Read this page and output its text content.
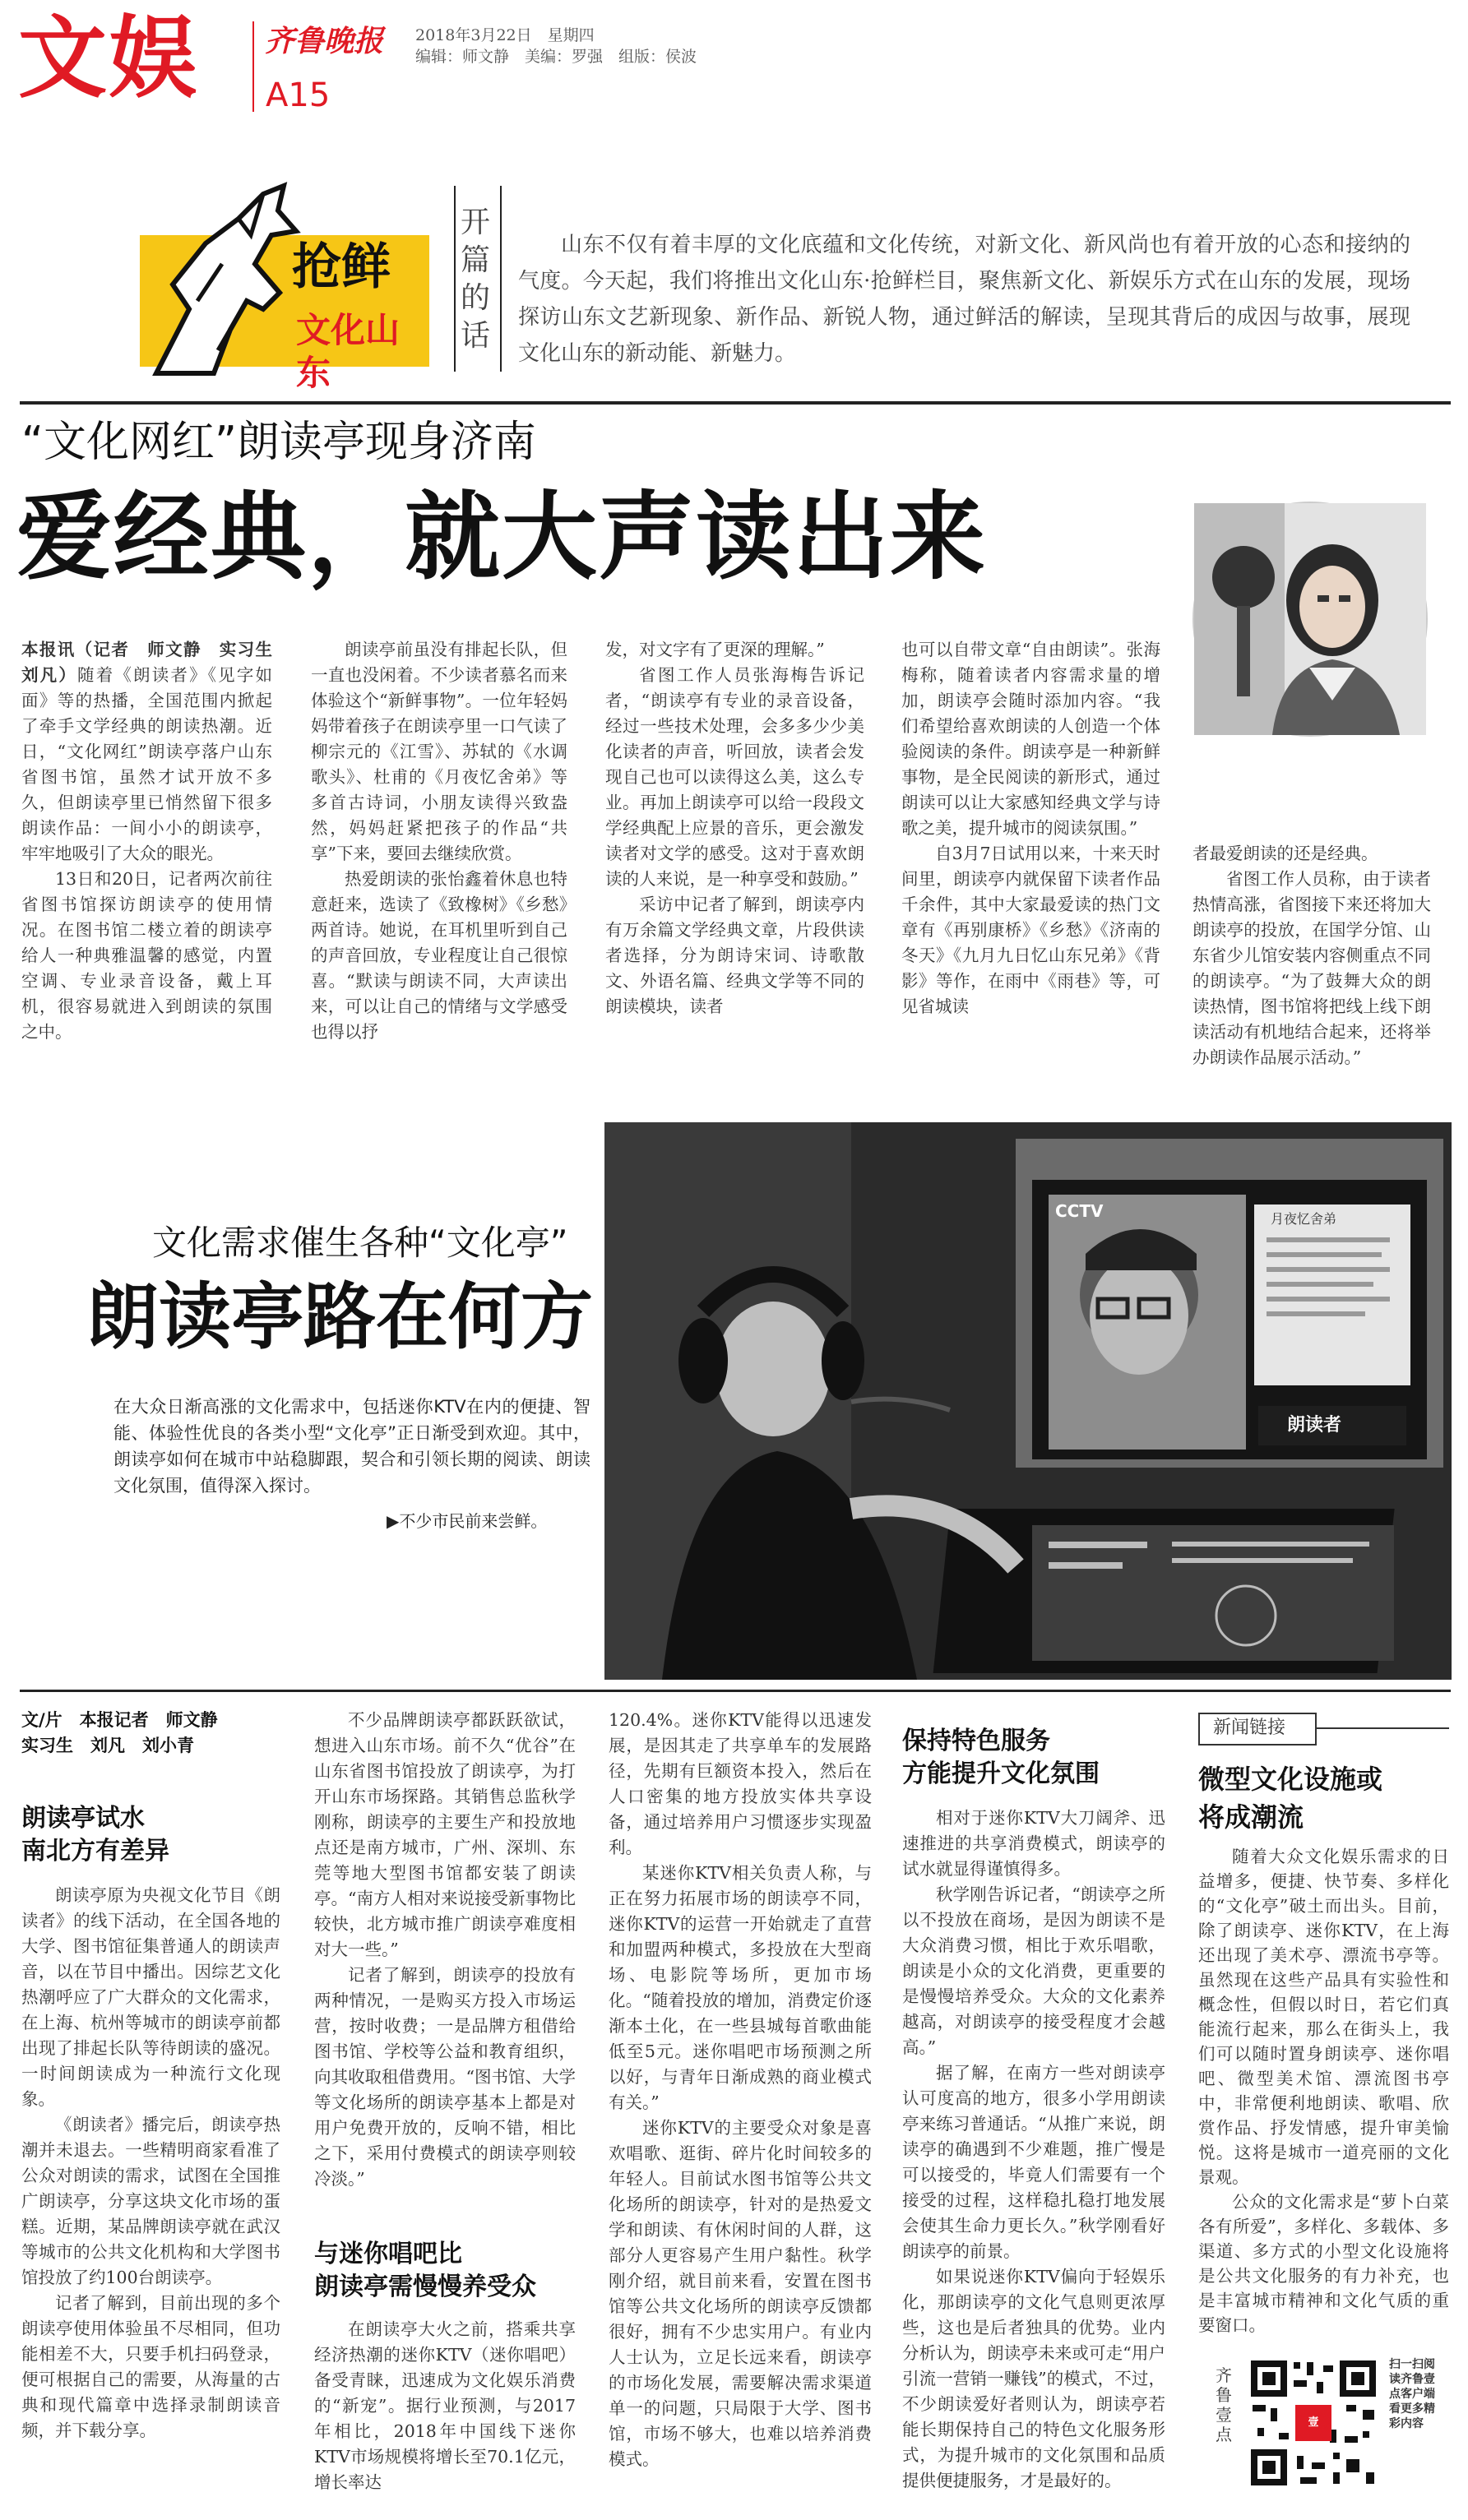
文娱 齐鲁晚报
A15
2018年3月22日　星期四
编辑：师文静　美编：罗强　组版：侯波
抢鲜
文化山东
开
篇
的
话
山东不仅有着丰厚的文化底蕴和文化传统，对新文化、新风尚也有着开放的心态和接纳的气度。今天起，我们将推出文化山东·抢鲜栏目，聚焦新文化、新娱乐方式在山东的发展，现场探访山东文艺新现象、新作品、新锐人物，通过鲜活的解读，呈现其背后的成因与故事，展现文化山东的新动能、新魅力。
“文化网红”朗读亭现身济南
爱经典，就大声读出来

本报讯（记者　师文静　实习生　刘凡）随着《朗读者》《见字如面》等的热播，全国范围内掀起了牵手文学经典的朗读热潮。近日，“文化网红”朗读亭落户山东省图书馆，虽然才试开放不多久，但朗读亭里已悄然留下很多朗读作品：一间小小的朗读亭，牢牢地吸引了大众的眼光。

13日和20日，记者两次前往省图书馆探访朗读亭的使用情况。在图书馆二楼立着的朗读亭给人一种典雅温馨的感觉，内置空调、专业录音设备，戴上耳机，很容易就进入到朗读的氛围之中。

朗读亭前虽没有排起长队，但一直也没闲着。不少读者慕名而来体验这个“新鲜事物”。一位年轻妈妈带着孩子在朗读亭里一口气读了柳宗元的《江雪》、苏轼的《水调歌头》、杜甫的《月夜忆舍弟》等多首古诗词，小朋友读得兴致盎然，妈妈赶紧把孩子的作品“共享”下来，要回去继续欣赏。

热爱朗读的张怡鑫着休息也特意赶来，选读了《致橡树》《乡愁》两首诗。她说，在耳机里听到自己的声音回放，专业程度让自己很惊喜。“默读与朗读不同，大声读出来，可以让自己的情绪与文学感受也得以抒

发，对文字有了更深的理解。”

省图工作人员张海梅告诉记者，“朗读亭有专业的录音设备，经过一些技术处理，会多多少少美化读者的声音，听回放，读者会发现自己也可以读得这么美，这么专业。再加上朗读亭可以给一段段文学经典配上应景的音乐，更会激发读者对文学的感受。这对于喜欢朗读的人来说，是一种享受和鼓励。”

采访中记者了解到，朗读亭内有万余篇文学经典文章，片段供读者选择，分为朗诗宋词、诗歌散文、外语名篇、经典文学等不同的朗读模块，读者

也可以自带文章“自由朗读”。张海梅称，随着读者内容需求量的增加，朗读亭会随时添加内容。“我们希望给喜欢朗读的人创造一个体验阅读的条件。朗读亭是一种新鲜事物，是全民阅读的新形式，通过朗读可以让大家感知经典文学与诗歌之美，提升城市的阅读氛围。”

自3月7日试用以来，十来天时间里，朗读亭内就保留下读者作品千余件，其中大家最爱读的热门文章有《再别康桥》《乡愁》《济南的冬天》《九月九日忆山东兄弟》《背影》等作，在雨中《雨巷》等，可见省城读

者最爱朗读的还是经典。

省图工作人员称，由于读者热情高涨，省图接下来还将加大朗读亭的投放，在国学分馆、山东省少儿馆安装内容侧重点不同的朗读亭。“为了鼓舞大众的朗读热情，图书馆将把线上线下朗读活动有机地结合起来，还将举办朗读作品展示活动。”

文化需求催生各种“文化亭”
朗读亭路在何方
在大众日渐高涨的文化需求中，包括迷你KTV在内的便捷、智能、体验性优良的各类小型“文化亭”正日渐受到欢迎。其中，朗读亭如何在城市中站稳脚跟，契合和引领长期的阅读、朗读文化氛围，值得深入探讨。
▶不少市民前来尝鲜。
CCTV	月夜忆舍弟
朗读者
文/片　本报记者　师文静
实习生　刘凡　刘小青
朗读亭试水
南北方有差异

朗读亭原为央视文化节目《朗读者》的线下活动，在全国各地的大学、图书馆征集普通人的朗读声音，以在节目中播出。因综艺文化热潮呼应了广大群众的文化需求，在上海、杭州等城市的朗读亭前都出现了排起长队等待朗读的盛况。一时间朗读成为一种流行文化现象。

《朗读者》播完后，朗读亭热潮并未退去。一些精明商家看准了公众对朗读的需求，试图在全国推广朗读亭，分享这块文化市场的蛋糕。近期，某品牌朗读亭就在武汉等城市的公共文化机构和大学图书馆投放了约100台朗读亭。

记者了解到，目前出现的多个朗读亭使用体验虽不尽相同，但功能相差不大，只要手机扫码登录，便可根据自己的需要，从海量的古典和现代篇章中选择录制朗读音频，并下载分享。

不少品牌朗读亭都跃跃欲试，想进入山东市场。前不久“优谷”在山东省图书馆投放了朗读亭，为打开山东市场探路。其销售总监秋学刚称，朗读亭的主要生产和投放地点还是南方城市，广州、深圳、东莞等地大型图书馆都安装了朗读亭。“南方人相对来说接受新事物比较快，北方城市推广朗读亭难度相对大一些。”

记者了解到，朗读亭的投放有两种情况，一是购买方投入市场运营，按时收费；一是品牌方租借给图书馆、学校等公益和教育组织，向其收取租借费用。“图书馆、大学等文化场所的朗读亭基本上都是对用户免费开放的，反响不错，相比之下，采用付费模式的朗读亭则较冷淡。”

与迷你唱吧比
朗读亭需慢慢养受众

在朗读亭大火之前，搭乘共享经济热潮的迷你KTV（迷你唱吧）备受青睐，迅速成为文化娱乐消费的“新宠”。据行业预测，与2017年相比，2018年中国线下迷你KTV市场规模将增长至70.1亿元，增长率达

120.4%。迷你KTV能得以迅速发展，是因其走了共享单车的发展路径，先期有巨额资本投入，然后在人口密集的地方投放实体共享设备，通过培养用户习惯逐步实现盈利。

某迷你KTV相关负责人称，与正在努力拓展市场的朗读亭不同，迷你KTV的运营一开始就走了直营和加盟两种模式，多投放在大型商场、电影院等场所，更加市场化。“随着投放的增加，消费定价逐渐本土化，在一些县城每首歌曲能低至5元。迷你唱吧市场预测之所以好，与青年日渐成熟的商业模式有关。”

迷你KTV的主要受众对象是喜欢唱歌、逛街、碎片化时间较多的年轻人。目前试水图书馆等公共文化场所的朗读亭，针对的是热爱文学和朗读、有休闲时间的人群，这部分人更容易产生用户黏性。秋学刚介绍，就目前来看，安置在图书馆等公共文化场所的朗读亭反馈都很好，拥有不少忠实用户。有业内人士认为，立足长远来看，朗读亭的市场化发展，需要解决需求渠道单一的问题，只局限于大学、图书馆，市场不够大，也难以培养消费模式。

保持特色服务
方能提升文化氛围

相对于迷你KTV大刀阔斧、迅速推进的共享消费模式，朗读亭的试水就显得谨慎得多。

秋学刚告诉记者，“朗读亭之所以不投放在商场，是因为朗读不是大众消费习惯，相比于欢乐唱歌，朗读是小众的文化消费，更重要的是慢慢培养受众。大众的文化素养越高，对朗读亭的接受程度才会越高。”

据了解，在南方一些对朗读亭认可度高的地方，很多小学用朗读亭来练习普通话。“从推广来说，朗读亭的确遇到不少难题，推广慢是可以接受的，毕竟人们需要有一个接受的过程，这样稳扎稳打地发展会使其生命力更长久。”秋学刚看好朗读亭的前景。

如果说迷你KTV偏向于轻娱乐化，那朗读亭的文化气息则更浓厚些，这也是后者独具的优势。业内分析认为，朗读亭未来或可走“用户引流一营销一赚钱”的模式，不过，不少朗读爱好者则认为，朗读亭若能长期保持自己的特色文化服务形式，为提升城市的文化氛围和品质提供便捷服务，才是最好的。

新闻链接
微型文化设施或将成潮流

随着大众文化娱乐需求的日益增多，便捷、快节奏、多样化的“文化亭”破土而出头。目前，除了朗读亭、迷你KTV，在上海还出现了美术亭、漂流书亭等。虽然现在这些产品具有实验性和概念性，但假以时日，若它们真能流行起来，那么在街头上，我们可以随时置身朗读亭、迷你唱吧、微型美术馆、漂流图书亭中，非常便利地朗读、歌唱、欣赏作品、抒发情感，提升审美愉悦。这将是城市一道亮丽的文化景观。

公众的文化需求是“萝卜白菜各有所爱”，多样化、多载体、多渠道、多方式的小型文化设施将是公共文化服务的有力补充，也是丰富城市精神和文化气质的重要窗口。

壹
齐鲁壹点
扫一扫阅读齐鲁壹点客户端看更多精彩内容
